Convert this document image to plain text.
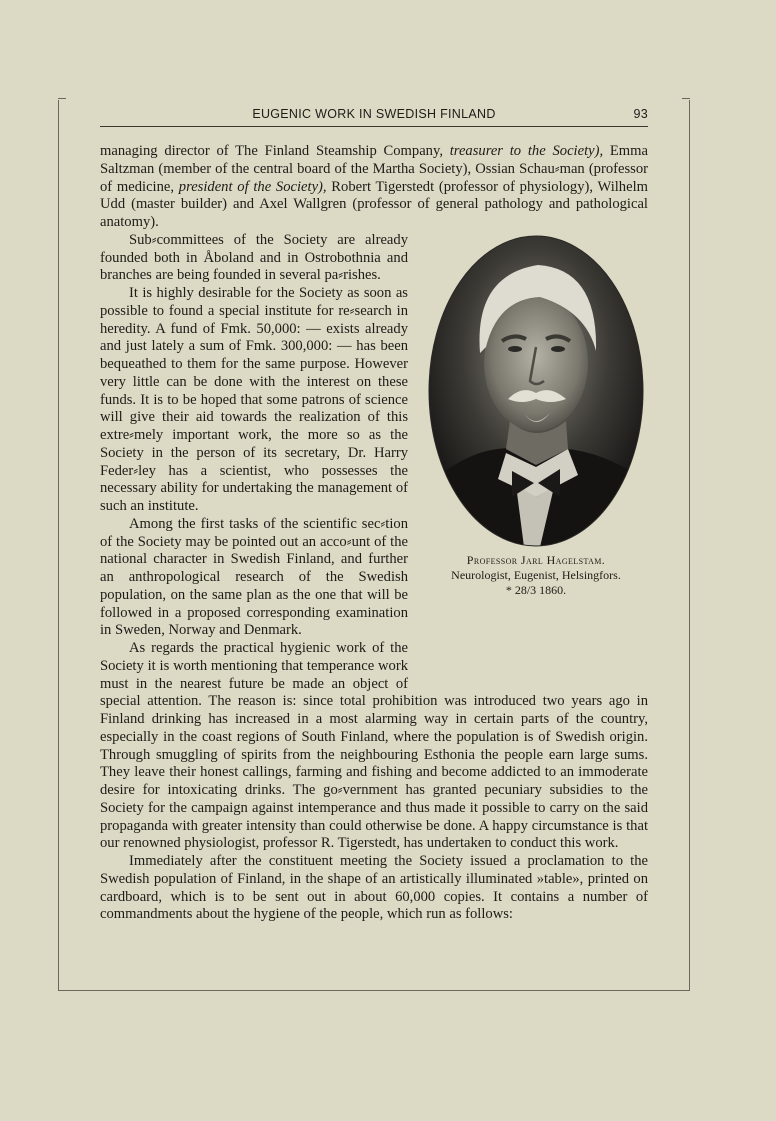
EUGENIC WORK IN SWEDISH FINLAND	93

managing director of The Finland Steamship Company, treasurer to the Society), Emma Saltzman (member of the central board of the Martha Society), Ossian Schau⸗man (professor of medicine, president of the Society), Robert Tigerstedt (professor of physiology), Wilhelm Udd (master builder) and Axel Wallgren (professor of general pathology and pathological anatomy).

Professor Jarl Hagelstam.
Neurologist, Eugenist, Helsingfors.
* 28/3 1860.

Sub⸗committees of the Society are already founded both in Åboland and in Ostrobothnia and branches are being founded in several pa⸗rishes.

It is highly desirable for the Society as soon as possible to found a special institute for re⸗search in heredity. A fund of Fmk. 50,000: — exists already and just lately a sum of Fmk. 300,000: — has been bequeathed to them for the same purpose. However very little can be done with the interest on these funds. It is to be hoped that some patrons of science will give their aid towards the realization of this extre⸗mely important work, the more so as the Society in the person of its secretary, Dr. Harry Feder⸗ley has a scientist, who possesses the necessary ability for undertaking the management of such an institute.

Among the first tasks of the scientific sec⸗tion of the Society may be pointed out an acco⸗unt of the national character in Swedish Finland, and further an anthropological research of the Swedish population, on the same plan as the one that will be followed in a proposed corresponding examination in Sweden, Norway and Denmark.

As regards the practical hygienic work of the Society it is worth mentioning that temperance work must in the nearest future be made an object of special attention. The reason is: since total prohibition was introduced two years ago in Finland drinking has increased in a most alarming way in certain parts of the country, especially in the coast regions of South Finland, where the population is of Swedish origin. Through smuggling of spirits from the neighbouring Esthonia the people earn large sums. They leave their honest callings, farming and fishing and become addicted to an immoderate desire for intoxicating drinks. The go⸗vernment has granted pecuniary subsidies to the Society for the campaign against intemperance and thus made it possible to carry on the said propaganda with greater intensity than could otherwise be done. A happy circumstance is that our renowned physiologist, professor R. Tigerstedt, has undertaken to conduct this work.

Immediately after the constituent meeting the Society issued a proclamation to the Swedish population of Finland, in the shape of an artistically illuminated »table», printed on cardboard, which is to be sent out in about 60,000 copies. It contains a number of commandments about the hygiene of the people, which run as follows:
